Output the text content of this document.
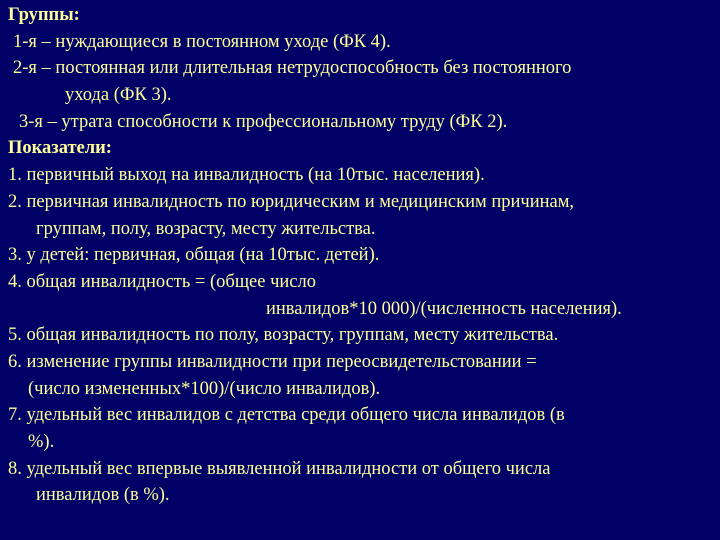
Группы:
1-я – нуждающиеся в постоянном уходе (ФК 4).
2-я – постоянная или длительная нетрудоспособность без постоянного
ухода (ФК 3).
3-я – утрата способности к профессиональному труду (ФК 2).
Показатели:
1. первичный выход на инвалидность (на 10тыс. населения).
2. первичная инвалидность по юридическим и медицинским причинам,
группам, полу, возрасту, месту жительства.
3. у детей: первичная, общая (на 10тыс. детей).
4. общая инвалидность = (общее число
инвалидов*10 000)/(численность населения).
5. общая инвалидность по полу, возрасту, группам, месту жительства.
6. изменение группы инвалидности при переосвидетельстовании =
(число измененных*100)/(число инвалидов).
7. удельный вес инвалидов с детства среди общего числа инвалидов (в
%).
8. удельный вес впервые выявленной инвалидности от общего числа
инвалидов (в %).
